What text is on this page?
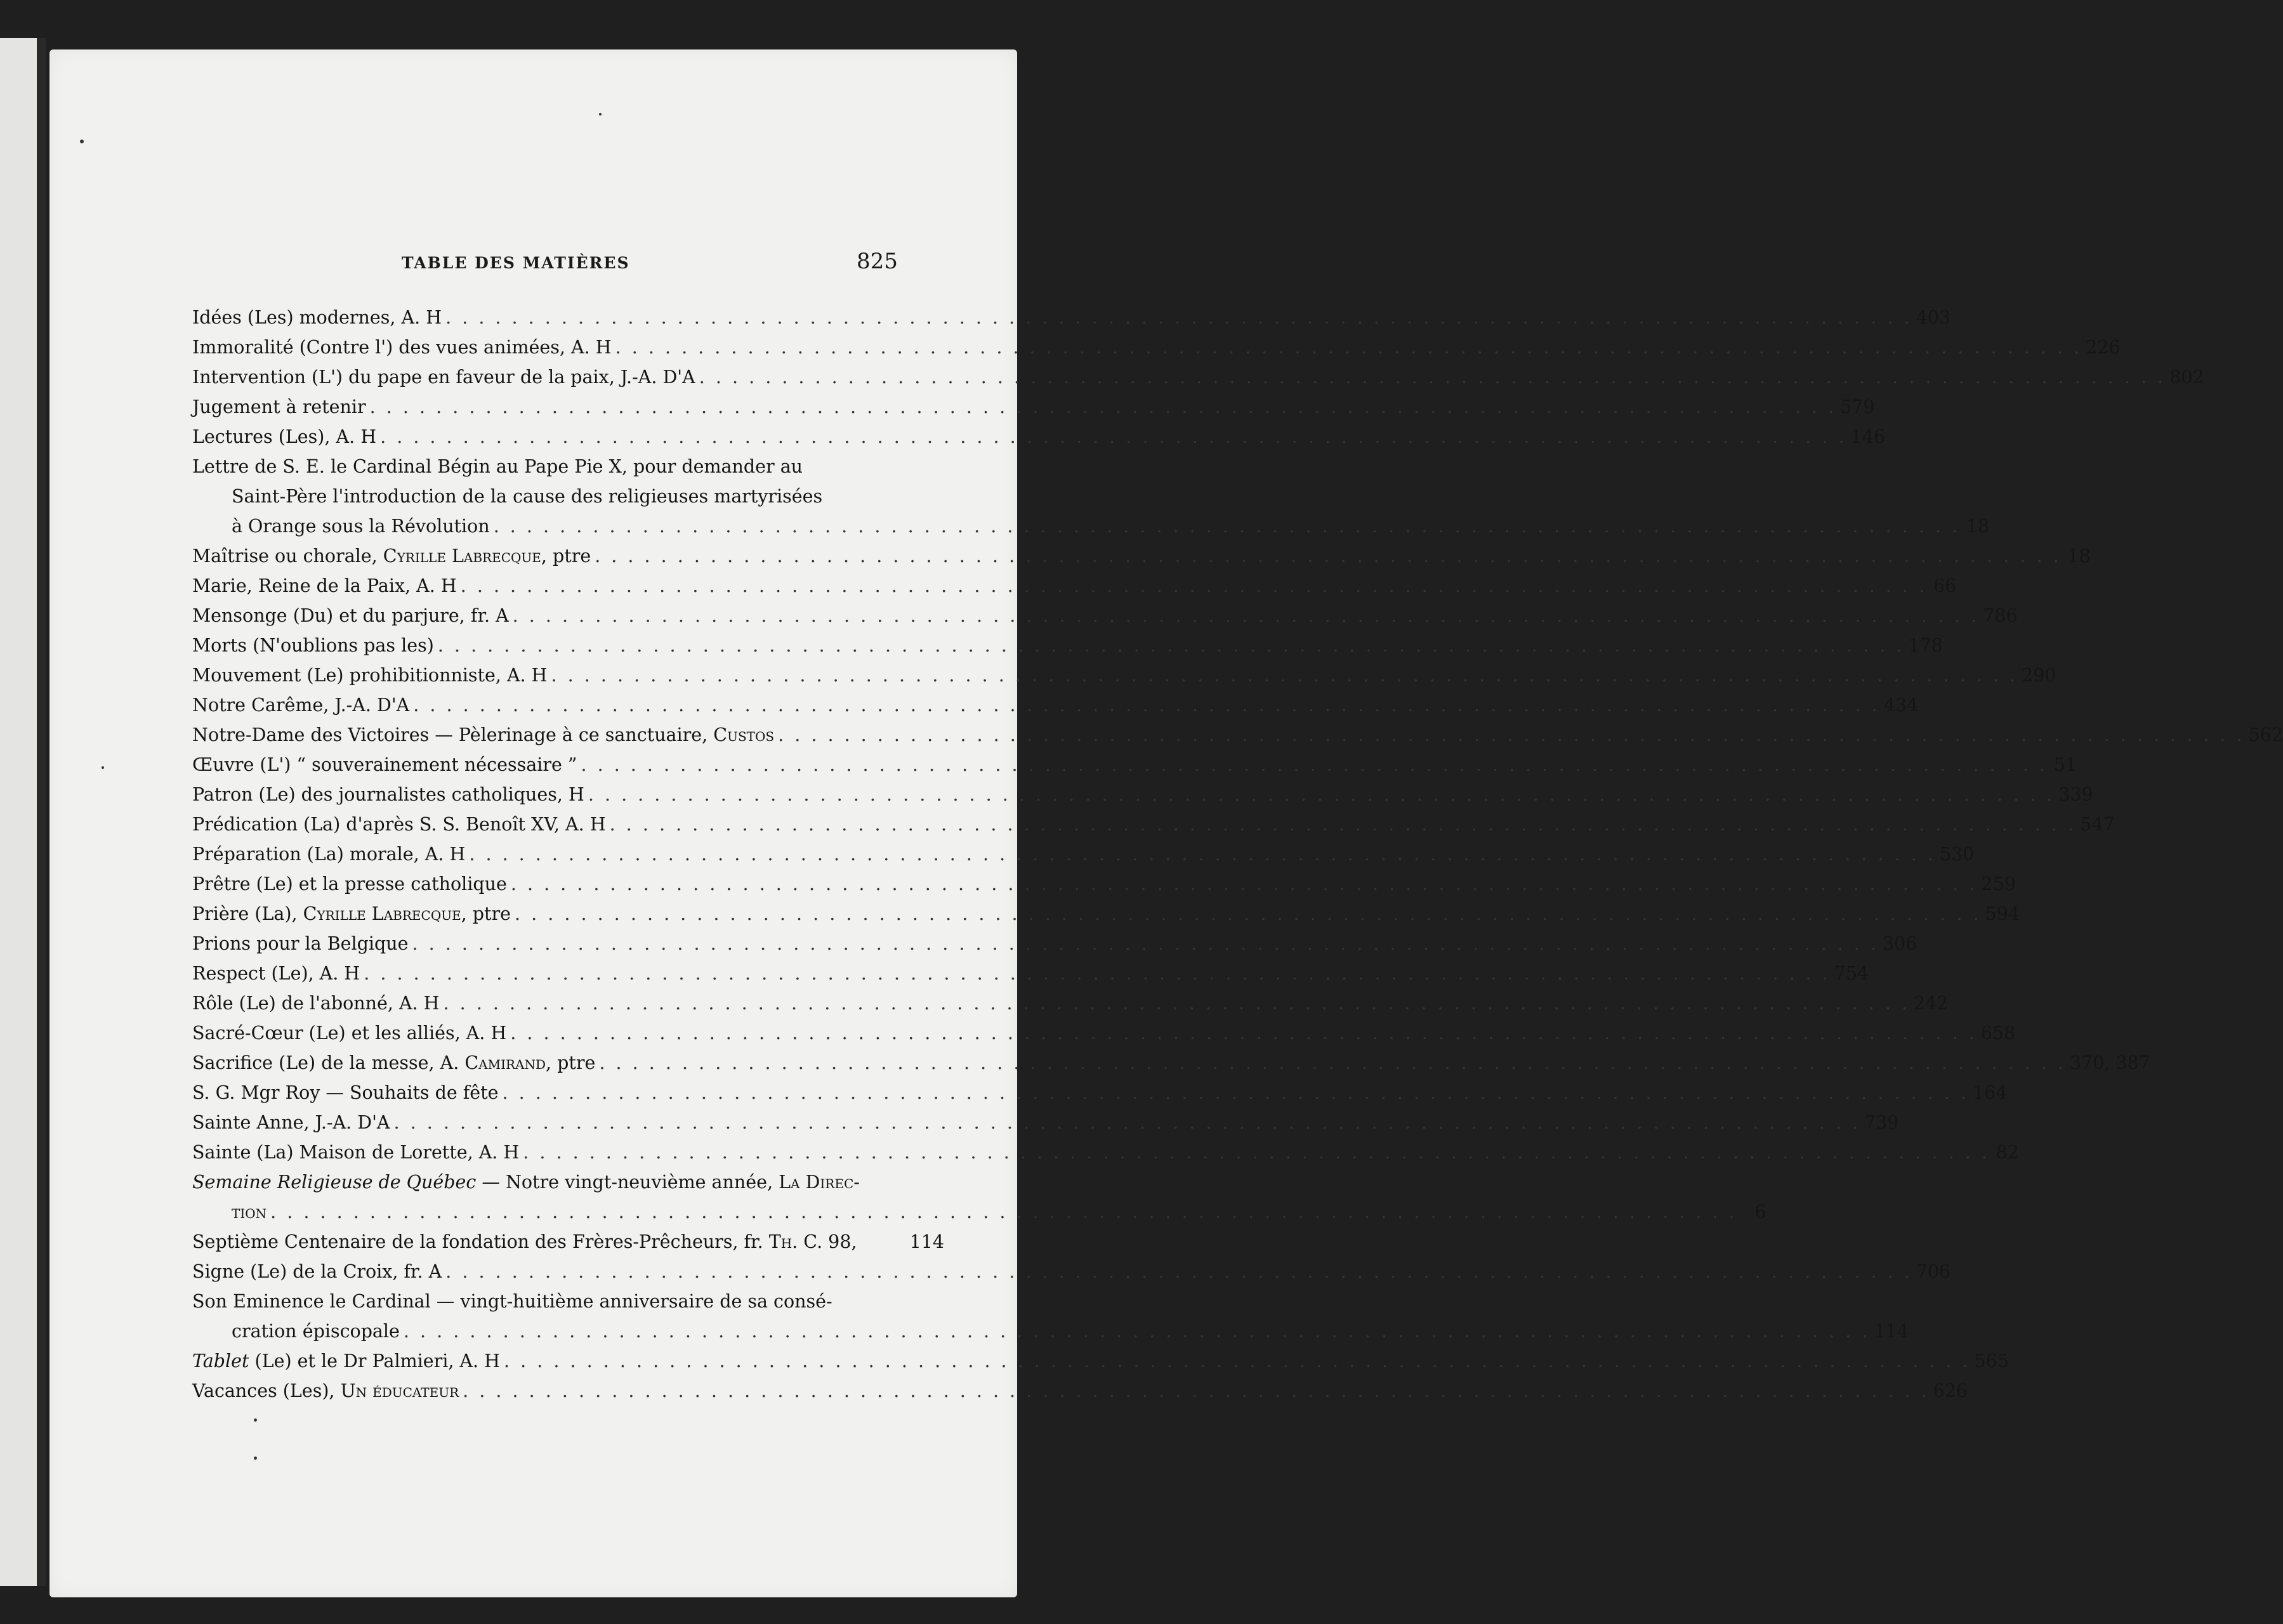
TABLE DES MATIÈRES	825
Idées (Les) modernes, A. H . . . . . . . . . . . . . . . . . . . . . . . . . . . . . . . . . . . . . . . . . . . . . . . . . . . . . . . . . . . . . . . . . . . . . . . . . . . . . . . . . . . . . . . . . 403
Immoralité (Contre l') des vues animées, A. H . . . . . . . . . . . . . . . . . . . . . . . . . . . . . . . . . . . . . . . . . . . . . . . . . . . . . . . . . . . . . . . . . . . . . . . . . . . . . . . . . . . . . . . . . 226
Intervention (L') du pape en faveur de la paix, J.-A. D'A . . . . . . . . . . . . . . . . . . . . . . . . . . . . . . . . . . . . . . . . . . . . . . . . . . . . . . . . . . . . . . . . . . . . . . . . . . . . . . . . . . . . . . . . . 802
Jugement à retenir . . . . . . . . . . . . . . . . . . . . . . . . . . . . . . . . . . . . . . . . . . . . . . . . . . . . . . . . . . . . . . . . . . . . . . . . . . . . . . . . . . . . . . . . . 579
Lectures (Les), A. H . . . . . . . . . . . . . . . . . . . . . . . . . . . . . . . . . . . . . . . . . . . . . . . . . . . . . . . . . . . . . . . . . . . . . . . . . . . . . . . . . . . . . . . . . 146
Lettre de S. E. le Cardinal Bégin au Pape Pie X, pour demander au
Saint-Père l'introduction de la cause des religieuses martyrisées
à Orange sous la Révolution . . . . . . . . . . . . . . . . . . . . . . . . . . . . . . . . . . . . . . . . . . . . . . . . . . . . . . . . . . . . . . . . . . . . . . . . . . . . . . . . . . . . . . . . . 18
Maîtrise ou chorale, Cyrille Labrecque, ptre . . . . . . . . . . . . . . . . . . . . . . . . . . . . . . . . . . . . . . . . . . . . . . . . . . . . . . . . . . . . . . . . . . . . . . . . . . . . . . . . . . . . . . . . . 18
Marie, Reine de la Paix, A. H . . . . . . . . . . . . . . . . . . . . . . . . . . . . . . . . . . . . . . . . . . . . . . . . . . . . . . . . . . . . . . . . . . . . . . . . . . . . . . . . . . . . . . . . . 66
Mensonge (Du) et du parjure, fr. A . . . . . . . . . . . . . . . . . . . . . . . . . . . . . . . . . . . . . . . . . . . . . . . . . . . . . . . . . . . . . . . . . . . . . . . . . . . . . . . . . . . . . . . . . 786
Morts (N'oublions pas les) . . . . . . . . . . . . . . . . . . . . . . . . . . . . . . . . . . . . . . . . . . . . . . . . . . . . . . . . . . . . . . . . . . . . . . . . . . . . . . . . . . . . . . . . . 178
Mouvement (Le) prohibitionniste, A. H . . . . . . . . . . . . . . . . . . . . . . . . . . . . . . . . . . . . . . . . . . . . . . . . . . . . . . . . . . . . . . . . . . . . . . . . . . . . . . . . . . . . . . . . . 290
Notre Carême, J.-A. D'A . . . . . . . . . . . . . . . . . . . . . . . . . . . . . . . . . . . . . . . . . . . . . . . . . . . . . . . . . . . . . . . . . . . . . . . . . . . . . . . . . . . . . . . . . 434
Notre-Dame des Victoires — Pèlerinage à ce sanctuaire, Custos . . . . . . . . . . . . . . . . . . . . . . . . . . . . . . . . . . . . . . . . . . . . . . . . . . . . . . . . . . . . . . . . . . . . . . . . . . . . . . . . . . . . . . . . . 562
Œuvre (L') “ souverainement nécessaire ” . . . . . . . . . . . . . . . . . . . . . . . . . . . . . . . . . . . . . . . . . . . . . . . . . . . . . . . . . . . . . . . . . . . . . . . . . . . . . . . . . . . . . . . . . 51
Patron (Le) des journalistes catholiques, H . . . . . . . . . . . . . . . . . . . . . . . . . . . . . . . . . . . . . . . . . . . . . . . . . . . . . . . . . . . . . . . . . . . . . . . . . . . . . . . . . . . . . . . . . 339
Prédication (La) d'après S. S. Benoît XV, A. H . . . . . . . . . . . . . . . . . . . . . . . . . . . . . . . . . . . . . . . . . . . . . . . . . . . . . . . . . . . . . . . . . . . . . . . . . . . . . . . . . . . . . . . . . 547
Préparation (La) morale, A. H . . . . . . . . . . . . . . . . . . . . . . . . . . . . . . . . . . . . . . . . . . . . . . . . . . . . . . . . . . . . . . . . . . . . . . . . . . . . . . . . . . . . . . . . . 530
Prêtre (Le) et la presse catholique . . . . . . . . . . . . . . . . . . . . . . . . . . . . . . . . . . . . . . . . . . . . . . . . . . . . . . . . . . . . . . . . . . . . . . . . . . . . . . . . . . . . . . . . . 259
Prière (La), Cyrille Labrecque, ptre . . . . . . . . . . . . . . . . . . . . . . . . . . . . . . . . . . . . . . . . . . . . . . . . . . . . . . . . . . . . . . . . . . . . . . . . . . . . . . . . . . . . . . . . . 594
Prions pour la Belgique . . . . . . . . . . . . . . . . . . . . . . . . . . . . . . . . . . . . . . . . . . . . . . . . . . . . . . . . . . . . . . . . . . . . . . . . . . . . . . . . . . . . . . . . . 306
Respect (Le), A. H . . . . . . . . . . . . . . . . . . . . . . . . . . . . . . . . . . . . . . . . . . . . . . . . . . . . . . . . . . . . . . . . . . . . . . . . . . . . . . . . . . . . . . . . . 754
Rôle (Le) de l'abonné, A. H . . . . . . . . . . . . . . . . . . . . . . . . . . . . . . . . . . . . . . . . . . . . . . . . . . . . . . . . . . . . . . . . . . . . . . . . . . . . . . . . . . . . . . . . . 242
Sacré-Cœur (Le) et les alliés, A. H . . . . . . . . . . . . . . . . . . . . . . . . . . . . . . . . . . . . . . . . . . . . . . . . . . . . . . . . . . . . . . . . . . . . . . . . . . . . . . . . . . . . . . . . . 658
Sacrifice (Le) de la messe, A. Camirand, ptre . . . . . . . . . . . . . . . . . . . . . . . . . . . . . . . . . . . . . . . . . . . . . . . . . . . . . . . . . . . . . . . . . . . . . . . . . . . . . . . . . . . . . . . . . 370, 387
S. G. Mgr Roy — Souhaits de fête . . . . . . . . . . . . . . . . . . . . . . . . . . . . . . . . . . . . . . . . . . . . . . . . . . . . . . . . . . . . . . . . . . . . . . . . . . . . . . . . . . . . . . . . . 164
Sainte Anne, J.-A. D'A . . . . . . . . . . . . . . . . . . . . . . . . . . . . . . . . . . . . . . . . . . . . . . . . . . . . . . . . . . . . . . . . . . . . . . . . . . . . . . . . . . . . . . . . . 739
Sainte (La) Maison de Lorette, A. H . . . . . . . . . . . . . . . . . . . . . . . . . . . . . . . . . . . . . . . . . . . . . . . . . . . . . . . . . . . . . . . . . . . . . . . . . . . . . . . . . . . . . . . . . 82
Semaine Religieuse de Québec — Notre vingt-neuvième année, La Direc-
tion . . . . . . . . . . . . . . . . . . . . . . . . . . . . . . . . . . . . . . . . . . . . . . . . . . . . . . . . . . . . . . . . . . . . . . . . . . . . . . . . . . . . . . . . . 6
Septième Centenaire de la fondation des Frères-Prêcheurs, fr. Th. C. 98,	114
Signe (Le) de la Croix, fr. A . . . . . . . . . . . . . . . . . . . . . . . . . . . . . . . . . . . . . . . . . . . . . . . . . . . . . . . . . . . . . . . . . . . . . . . . . . . . . . . . . . . . . . . . . 706
Son Eminence le Cardinal — vingt-huitième anniversaire de sa consé-
cration épiscopale . . . . . . . . . . . . . . . . . . . . . . . . . . . . . . . . . . . . . . . . . . . . . . . . . . . . . . . . . . . . . . . . . . . . . . . . . . . . . . . . . . . . . . . . . 114
Tablet (Le) et le Dr Palmieri, A. H . . . . . . . . . . . . . . . . . . . . . . . . . . . . . . . . . . . . . . . . . . . . . . . . . . . . . . . . . . . . . . . . . . . . . . . . . . . . . . . . . . . . . . . . . 565
Vacances (Les), Un éducateur . . . . . . . . . . . . . . . . . . . . . . . . . . . . . . . . . . . . . . . . . . . . . . . . . . . . . . . . . . . . . . . . . . . . . . . . . . . . . . . . . . . . . . . . . 626
